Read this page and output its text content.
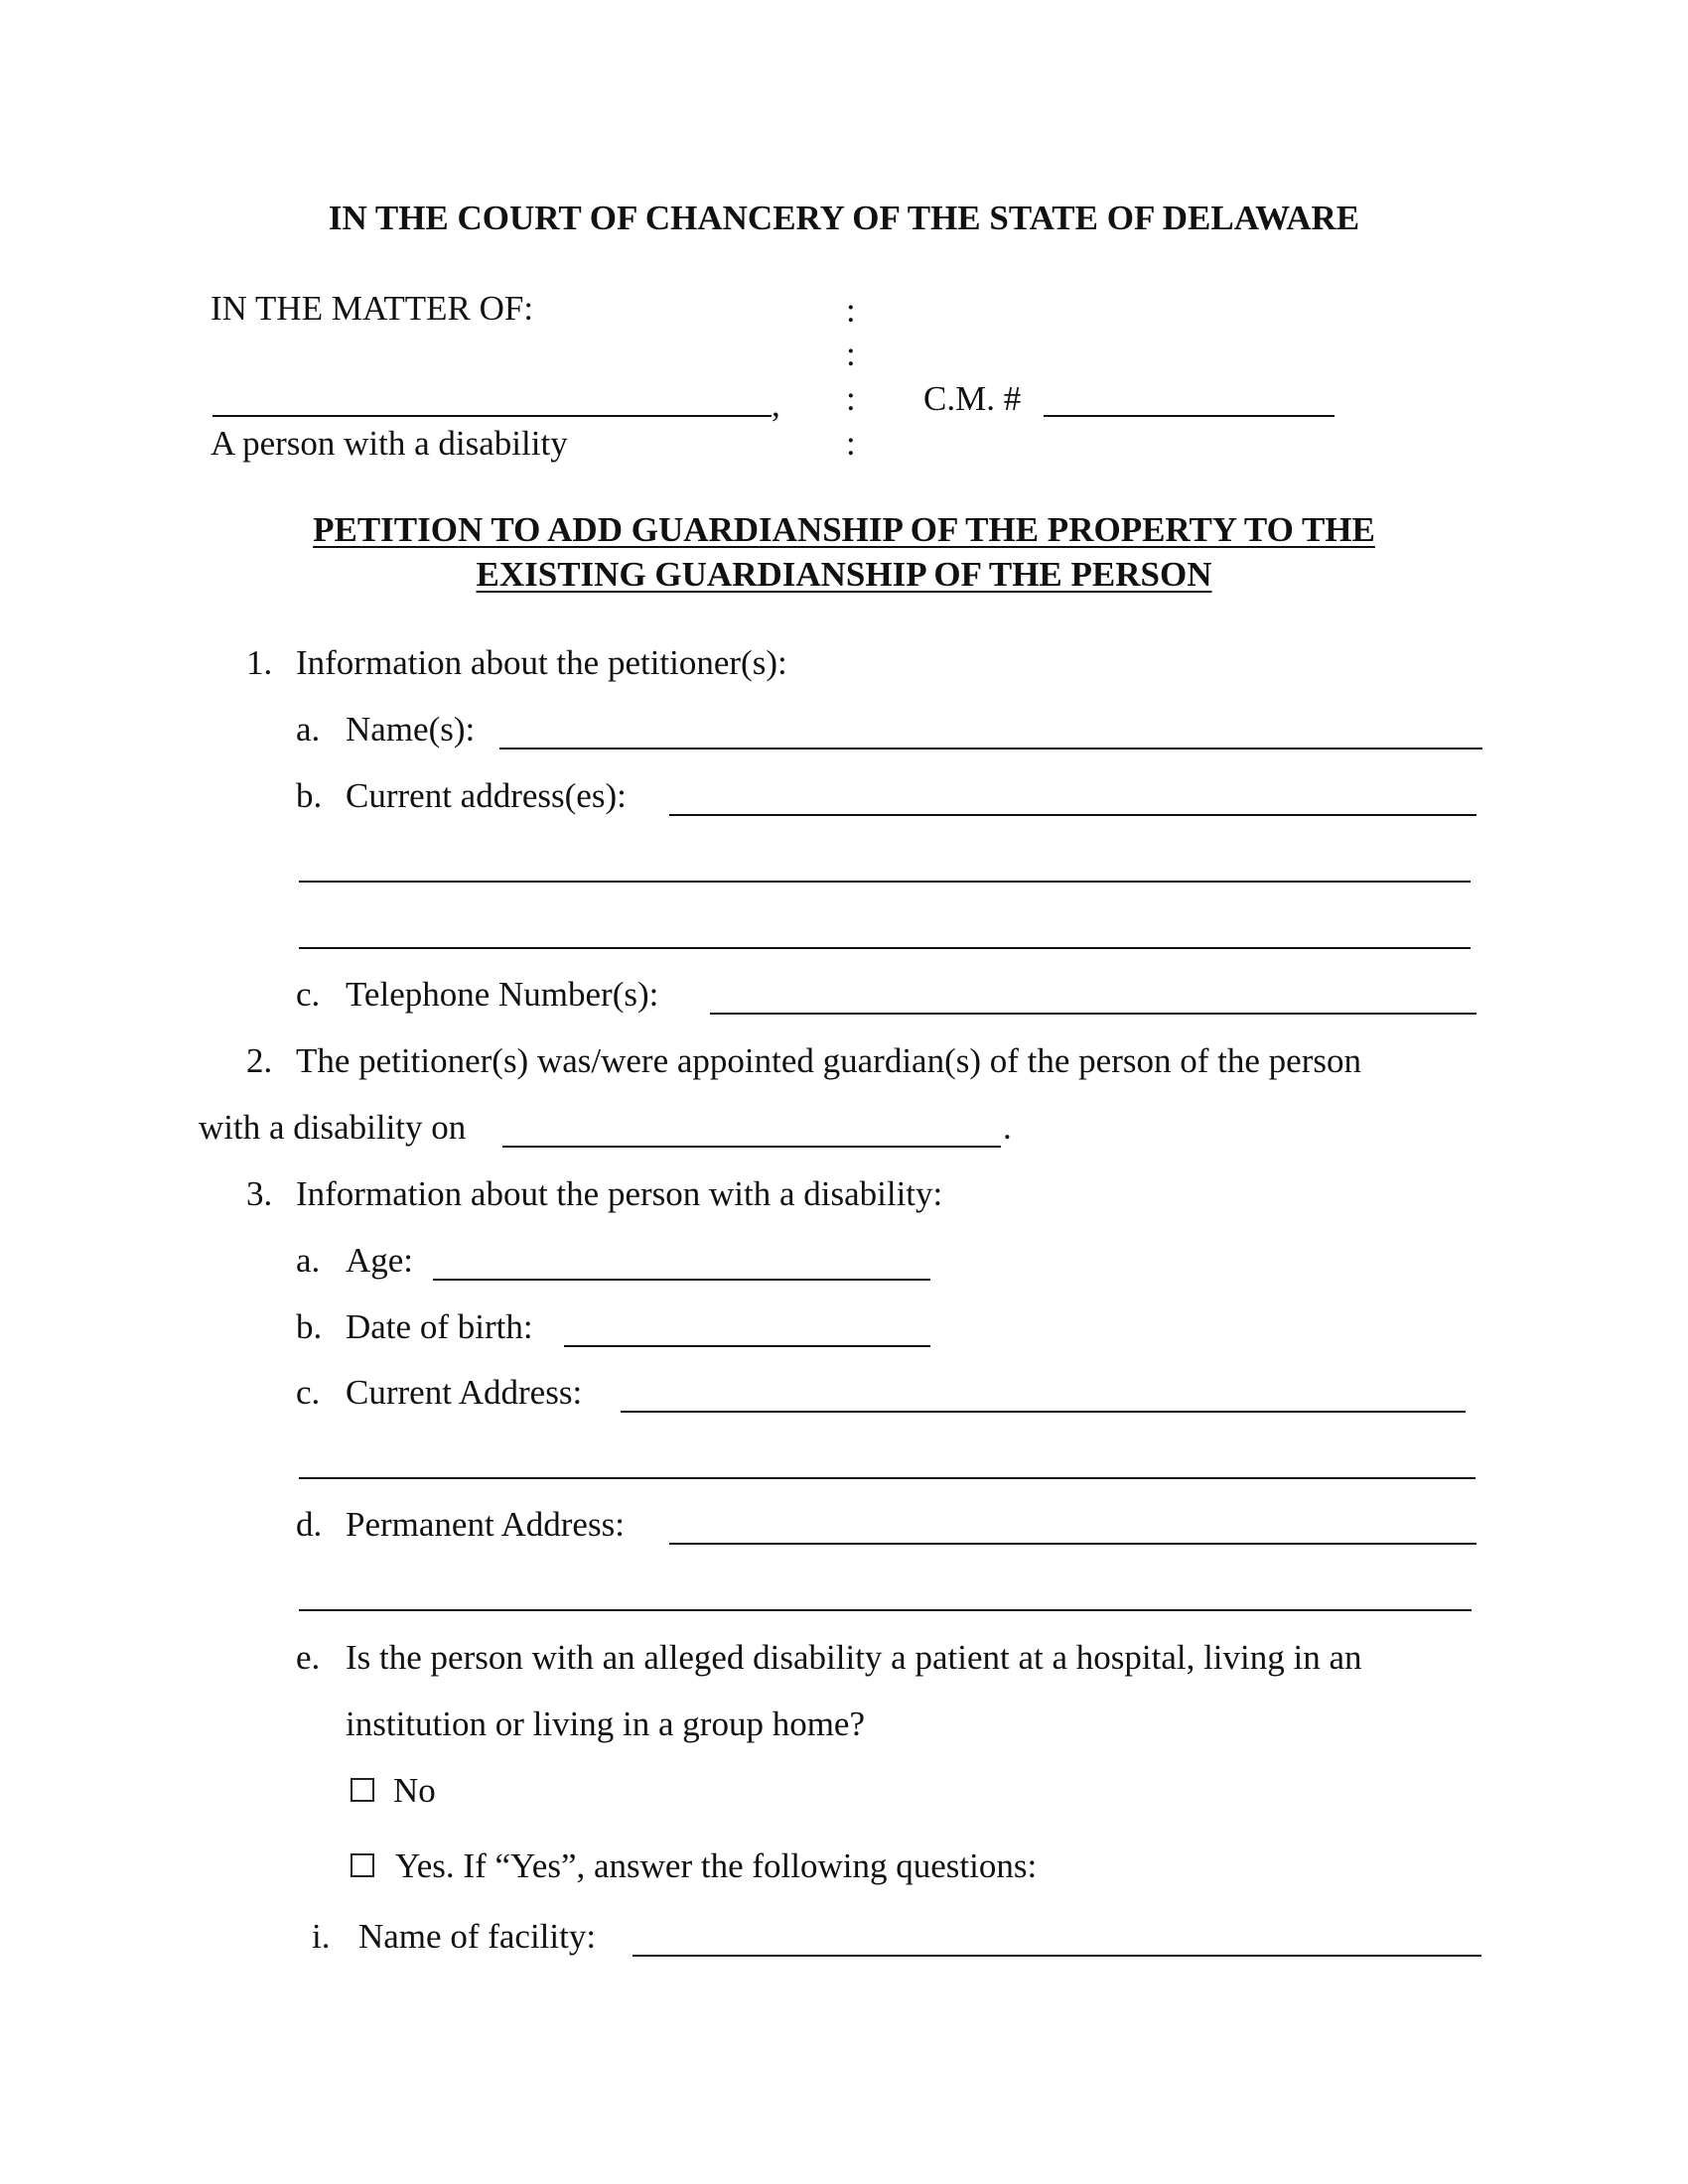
IN THE COURT OF CHANCERY OF THE STATE OF DELAWARE
IN THE MATTER OF:	:
:
:
:
,
A person with a disability
C.M. #
PETITION TO ADD GUARDIANSHIP OF THE PROPERTY TO THE
EXISTING GUARDIANSHIP OF THE PERSON
1. Information about the petitioner(s):
a. Name(s):
b. Current address(es):
c. Telephone Number(s):
2. The petitioner(s) was/were appointed guardian(s) of the person of the person
with a disability on	.
3. Information about the person with a disability:
a. Age:
b. Date of birth:
c. Current Address:
d. Permanent Address:
e. Is the person with an alleged disability a patient at a hospital, living in an
institution or living in a group home?
No
Yes. If “Yes”, answer the following questions:
i. Name of facility:
